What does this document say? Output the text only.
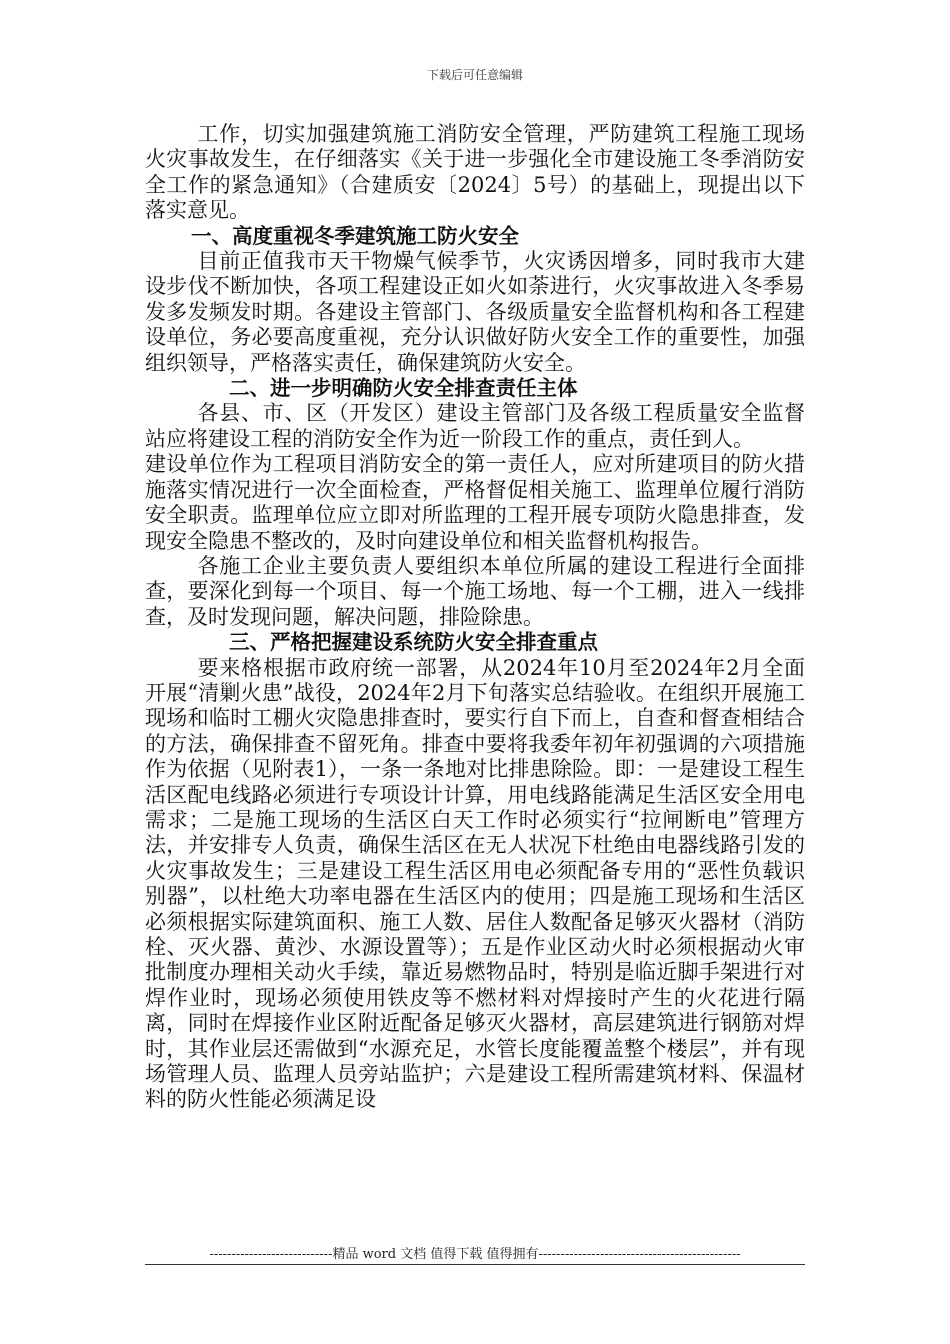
下载后可任意编辑

工作，切实加强建筑施工消防安全管理，严防建筑工程施工现场火灾事故发生，在仔细落实《关于进一步强化全市建设施工冬季消防安全工作的紧急通知》（合建质安〔2024〕5号）的基础上，现提出以下落实意见。

一、高度重视冬季建筑施工防火安全

目前正值我市天干物燥气候季节，火灾诱因增多，同时我市大建设步伐不断加快，各项工程建设正如火如荼进行，火灾事故进入冬季易发多发频发时期。各建设主管部门、各级质量安全监督机构和各工程建设单位，务必要高度重视，充分认识做好防火安全工作的重要性，加强组织领导，严格落实责任，确保建筑防火安全。

二、进一步明确防火安全排查责任主体

各县、市、区（开发区）建设主管部门及各级工程质量安全监督站应将建设工程的消防安全作为近一阶段工作的重点，责任到人。

建设单位作为工程项目消防安全的第一责任人，应对所建项目的防火措施落实情况进行一次全面检查，严格督促相关施工、监理单位履行消防安全职责。监理单位应立即对所监理的工程开展专项防火隐患排查，发现安全隐患不整改的，及时向建设单位和相关监督机构报告。

各施工企业主要负责人要组织本单位所属的建设工程进行全面排查，要深化到每一个项目、每一个施工场地、每一个工棚，进入一线排查，及时发现问题，解决问题，排险除患。

三、严格把握建设系统防火安全排查重点

要来格根据市政府统一部署，从2024年10月至2024年2月全面开展“清剿火患”战役，2024年2月下旬落实总结验收。在组织开展施工现场和临时工棚火灾隐患排查时，要实行自下而上，自查和督查相结合的方法，确保排查不留死角。排查中要将我委年初年初强调的六项措施作为依据（见附表1），一条一条地对比排患除险。即：一是建设工程生活区配电线路必须进行专项设计计算，用电线路能满足生活区安全用电需求；二是施工现场的生活区白天工作时必须实行“拉闸断电”管理方法，并安排专人负责，确保生活区在无人状况下杜绝由电器线路引发的火灾事故发生；三是建设工程生活区用电必须配备专用的“恶性负载识别器”，以杜绝大功率电器在生活区内的使用；四是施工现场和生活区必须根据实际建筑面积、施工人数、居住人数配备足够灭火器材（消防栓、灭火器、黄沙、水源设置等）；五是作业区动火时必须根据动火审批制度办理相关动火手续，靠近易燃物品时，特别是临近脚手架进行对焊作业时，现场必须使用铁皮等不燃材料对焊接时产生的火花进行隔离，同时在焊接作业区附近配备足够灭火器材，高层建筑进行钢筋对焊时，其作业层还需做到“水源充足，水管长度能覆盖整个楼层”，并有现场管理人员、监理人员旁站监护；六是建设工程所需建筑材料、保温材料的防火性能必须满足设

----------------------------精品 word 文档 值得下载 值得拥有----------------------------------------------
